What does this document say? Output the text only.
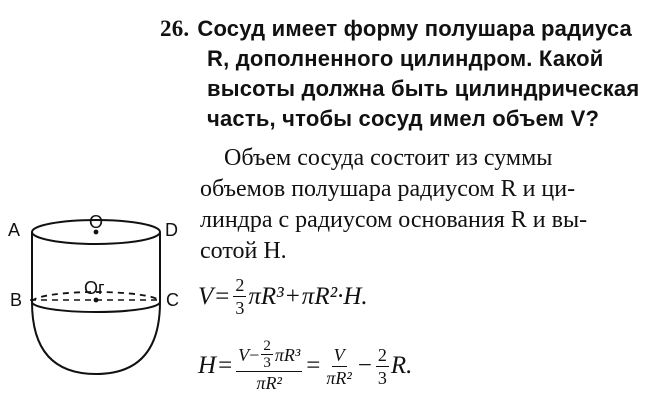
26. Сосуд имеет форму полушара радиуса
R, дополненного цилиндром. Какой
высоты должна быть цилиндрическая
часть, чтобы сосуд имел объем V?
Объем сосуда состоит из суммы
объемов полушара радиусом R и ци-
линдра с радиусом основания R и вы-
сотой H.
$V = \frac{2}{3} \pi R^3 + \pi R^2\cdot H$.
$H = \frac{V - \frac{2}{3} \pi R^3}{\text{πR²}} = \frac{V}{\text{πR²}} - \frac{2}{3} R$.
A	O	D
B
Oг
C
